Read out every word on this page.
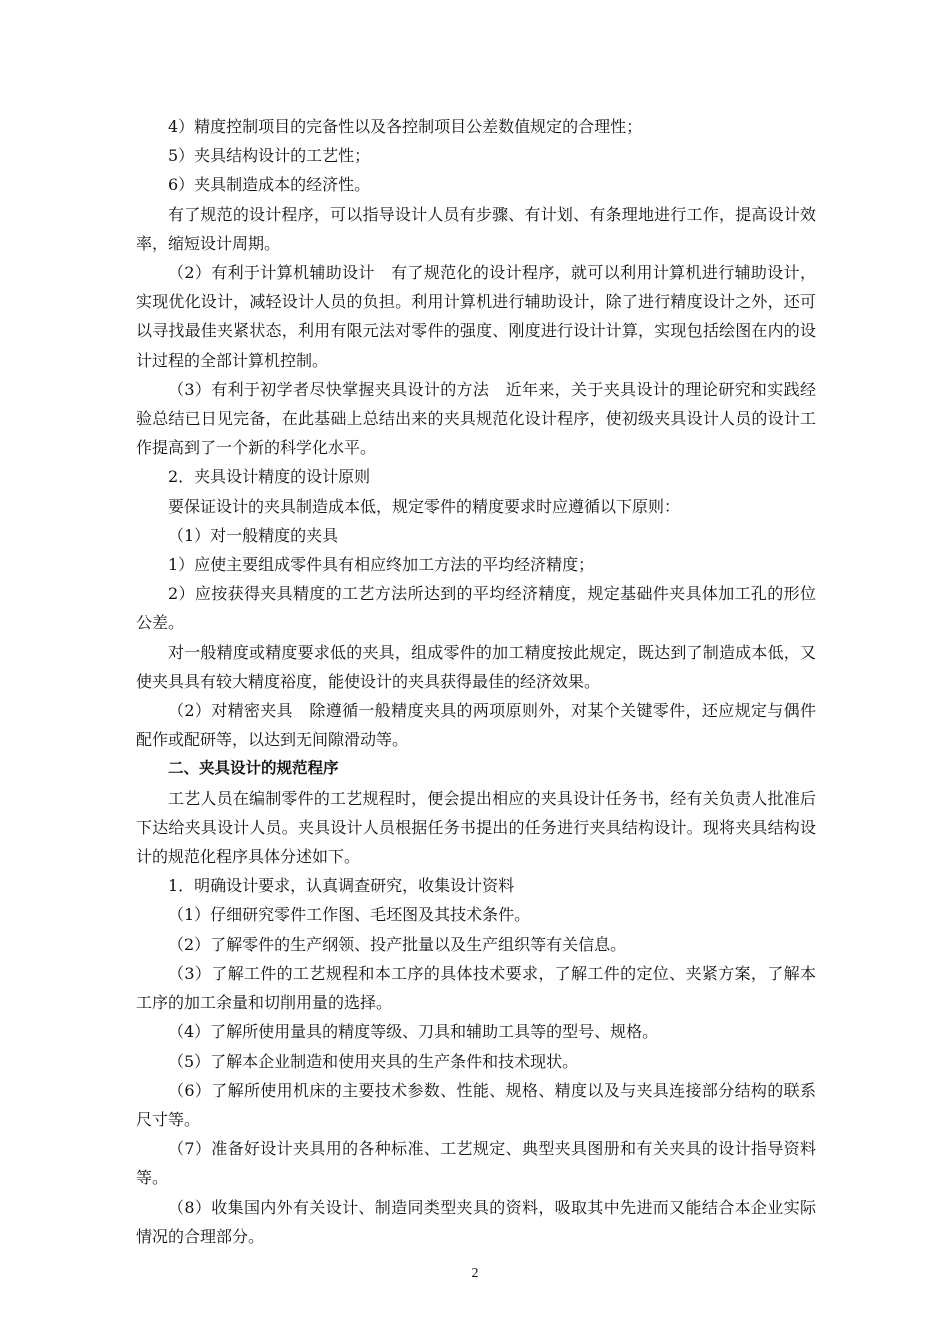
4）精度控制项目的完备性以及各控制项目公差数值规定的合理性；

5）夹具结构设计的工艺性；

6）夹具制造成本的经济性。

有了规范的设计程序，可以指导设计人员有步骤、有计划、有条理地进行工作，提高设计效率，缩短设计周期。

（2）有利于计算机辅助设计　有了规范化的设计程序，就可以利用计算机进行辅助设计，实现优化设计，减轻设计人员的负担。利用计算机进行辅助设计，除了进行精度设计之外，还可以寻找最佳夹紧状态，利用有限元法对零件的强度、刚度进行设计计算，实现包括绘图在内的设计过程的全部计算机控制。

（3）有利于初学者尽快掌握夹具设计的方法　近年来，关于夹具设计的理论研究和实践经验总结已日见完备，在此基础上总结出来的夹具规范化设计程序，使初级夹具设计人员的设计工作提高到了一个新的科学化水平。

2．夹具设计精度的设计原则

要保证设计的夹具制造成本低，规定零件的精度要求时应遵循以下原则：

（1）对一般精度的夹具

1）应使主要组成零件具有相应终加工方法的平均经济精度；

2）应按获得夹具精度的工艺方法所达到的平均经济精度，规定基础件夹具体加工孔的形位公差。

对一般精度或精度要求低的夹具，组成零件的加工精度按此规定，既达到了制造成本低，又使夹具具有较大精度裕度，能使设计的夹具获得最佳的经济效果。

（2）对精密夹具　除遵循一般精度夹具的两项原则外，对某个关键零件，还应规定与偶件配作或配研等，以达到无间隙滑动等。

二、夹具设计的规范程序

工艺人员在编制零件的工艺规程时，便会提出相应的夹具设计任务书，经有关负责人批准后下达给夹具设计人员。夹具设计人员根据任务书提出的任务进行夹具结构设计。现将夹具结构设计的规范化程序具体分述如下。

1．明确设计要求，认真调查研究，收集设计资料

（1）仔细研究零件工作图、毛坯图及其技术条件。

（2）了解零件的生产纲领、投产批量以及生产组织等有关信息。

（3）了解工件的工艺规程和本工序的具体技术要求，了解工件的定位、夹紧方案，了解本工序的加工余量和切削用量的选择。

（4）了解所使用量具的精度等级、刀具和辅助工具等的型号、规格。

（5）了解本企业制造和使用夹具的生产条件和技术现状。

（6）了解所使用机床的主要技术参数、性能、规格、精度以及与夹具连接部分结构的联系尺寸等。

（7）准备好设计夹具用的各种标准、工艺规定、典型夹具图册和有关夹具的设计指导资料等。

（8）收集国内外有关设计、制造同类型夹具的资料，吸取其中先进而又能结合本企业实际情况的合理部分。

2
